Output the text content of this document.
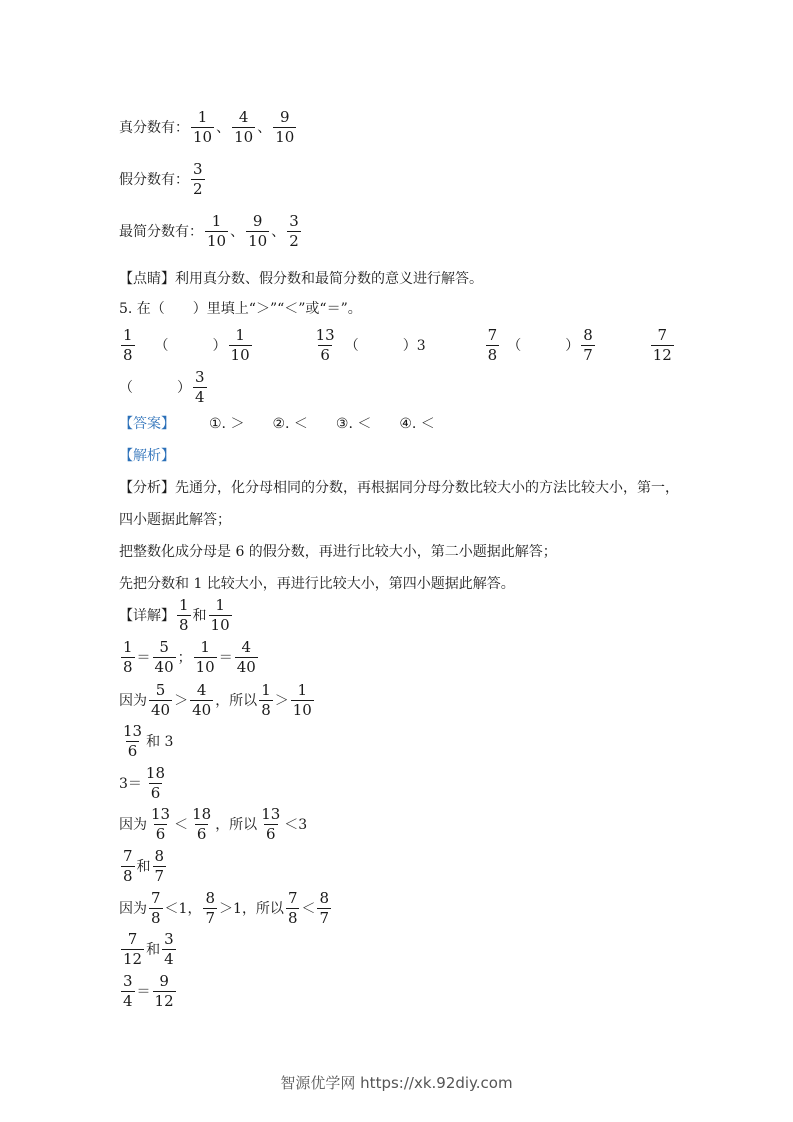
真分数有： $\frac{1}{10}$ 、 $\frac{4}{10}$ 、 $\frac{9}{10}$
假分数有： $\frac{3}{2}$
最简分数有： $\frac{1}{10}$ 、 $\frac{9}{10}$ 、 $\frac{3}{2}$
【点睛】利用真分数、假分数和最简分数的意义进行解答。
5. 在（　　）里填上“＞”“＜”或“＝”。
$\frac{1}{8}$ （	） $\frac{1}{10}$	$\frac{13}{6}$ （	） 3	$\frac{7}{8}$ （	） $\frac{8}{7}$	$\frac{7}{12}$
（	） $\frac{3}{4}$
【答案】 ①. ＞ ②. ＜ ③. ＜ ④. ＜
【解析】
【分析】先通分，化分母相同的分数，再根据同分母分数比较大小的方法比较大小，第一，
四小题据此解答；
把整数化成分母是 6 的假分数，再进行比较大小，第二小题据此解答；
先把分数和 1 比较大小，再进行比较大小，第四小题据此解答。
【详解】 $\frac{1}{8}$ 和 $\frac{1}{10}$
$\frac{1}{8} = \frac{5}{40}$ ； $\frac{1}{10} = \frac{4}{40}$
因为 $\frac{5}{40} > \frac{4}{40}$ ，所以 $\frac{1}{8} > \frac{1}{10}$
$\frac{13}{6}$ 和 3
$3= \frac{18}{6}$
因为 $\frac{13}{6} < \frac{18}{6}$ ，所以 $\frac{13}{6} <3$
$\frac{7}{8}$ 和 $\frac{8}{7}$
因为 $\frac{7}{8} <1$ ， $\frac{8}{7} >1$ ，所以 $\frac{7}{8} < \frac{8}{7}$
$\frac{7}{12}$ 和 $\frac{3}{4}$
$\frac{3}{4} = \frac{9}{12}$
智源优学网 https://xk.92diy.com
